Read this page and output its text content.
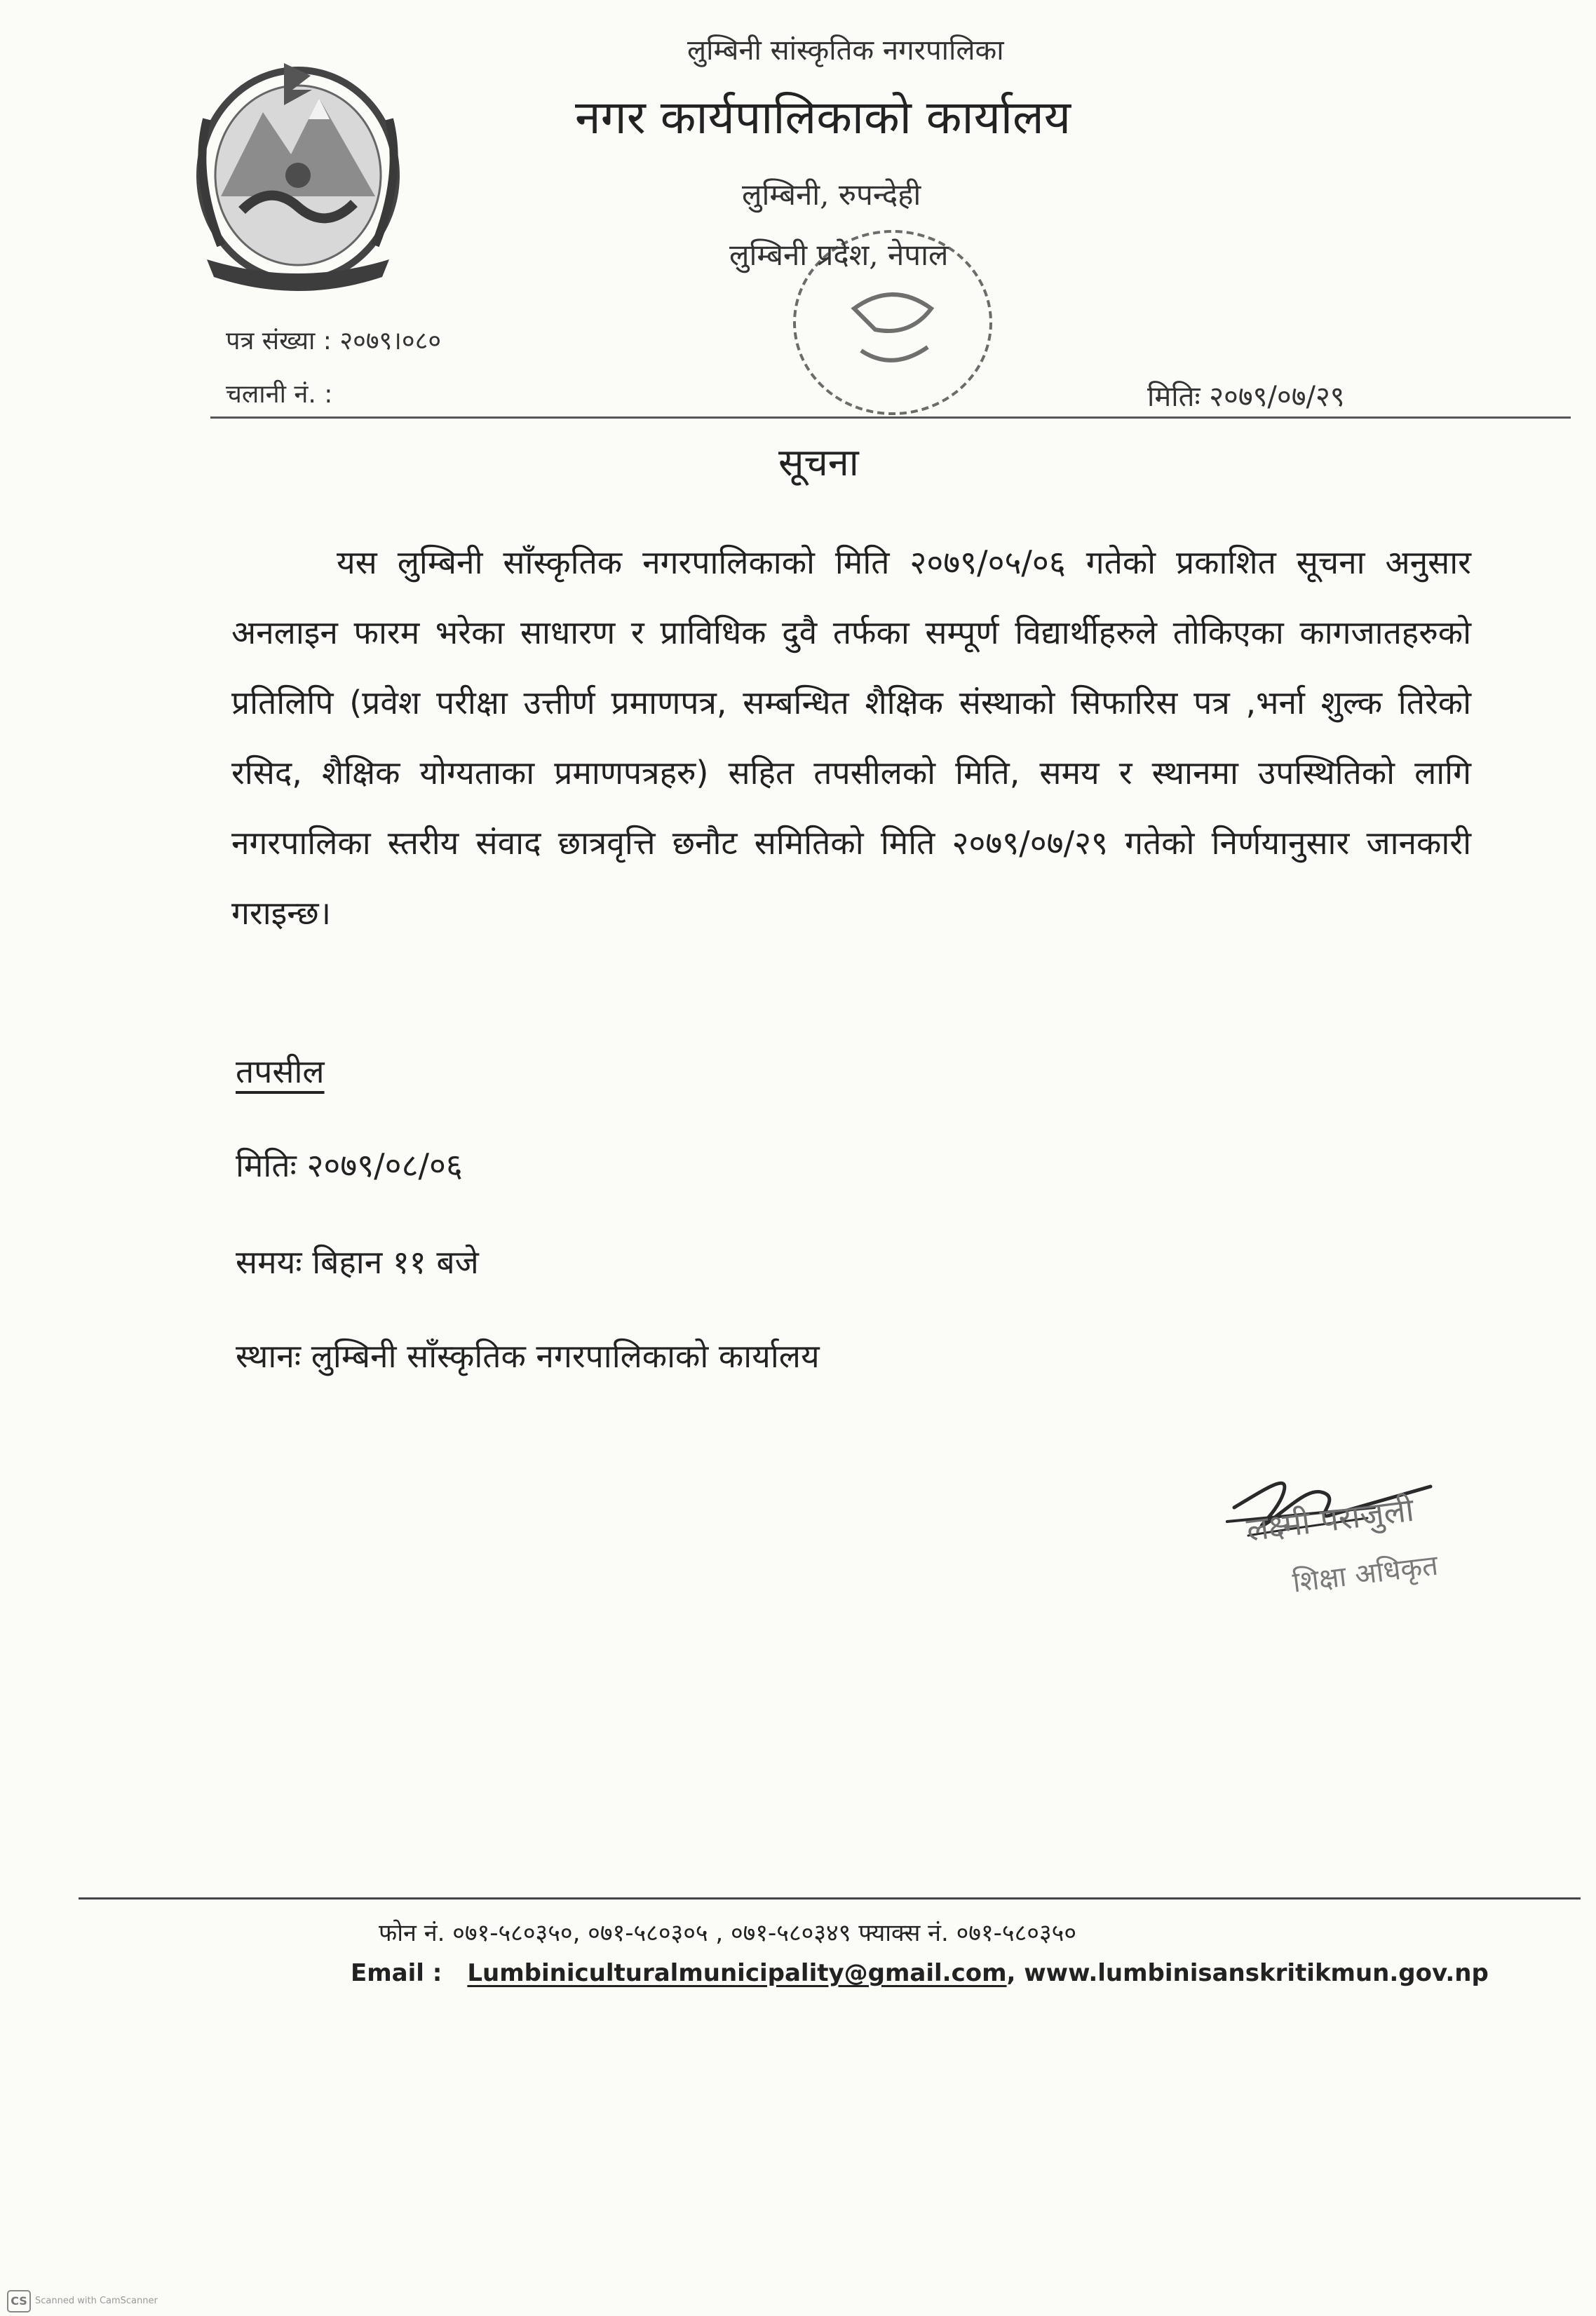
लुम्बिनी सांस्कृतिक नगरपालिका
नगर कार्यपालिकाको कार्यालय
लुम्बिनी, रुपन्देही
लुम्बिनी प्रदेश, नेपाल
पत्र संख्या : २०७९।०८०
चलानी नं. :	मितिः २०७९/०७/२९
सूचना
यस लुम्बिनी साँस्कृतिक नगरपालिकाको मिति २०७९/०५/०६ गतेको प्रकाशित सूचना अनुसार अनलाइन फारम भरेका साधारण र प्राविधिक दुवै तर्फका सम्पूर्ण विद्यार्थीहरुले तोकिएका कागजातहरुको प्रतिलिपि (प्रवेश परीक्षा उत्तीर्ण प्रमाणपत्र, सम्बन्धित शैक्षिक संस्थाको सिफारिस पत्र ,भर्ना शुल्क तिरेको रसिद, शैक्षिक योग्यताका प्रमाणपत्रहरु) सहित तपसीलको मिति, समय र स्थानमा उपस्थितिको लागि नगरपालिका स्तरीय संवाद छात्रवृत्ति छनौट समितिको मिति २०७९/०७/२९ गतेको निर्णयानुसार जानकारी गराइन्छ।
तपसील
मितिः २०७९/०८/०६
समयः बिहान ११ बजे
स्थानः लुम्बिनी साँस्कृतिक नगरपालिकाको कार्यालय
लक्ष्मी पराजुली
शिक्षा अधिकृत
फोन नं. ०७१-५८०३५०, ०७१-५८०३०५ , ०७१-५८०३४९ फ्याक्स नं. ०७१-५८०३५०
Email : Lumbiniculturalmunicipality@gmail.com, www.lumbinisanskritikmun.gov.np
CS Scanned with CamScanner
